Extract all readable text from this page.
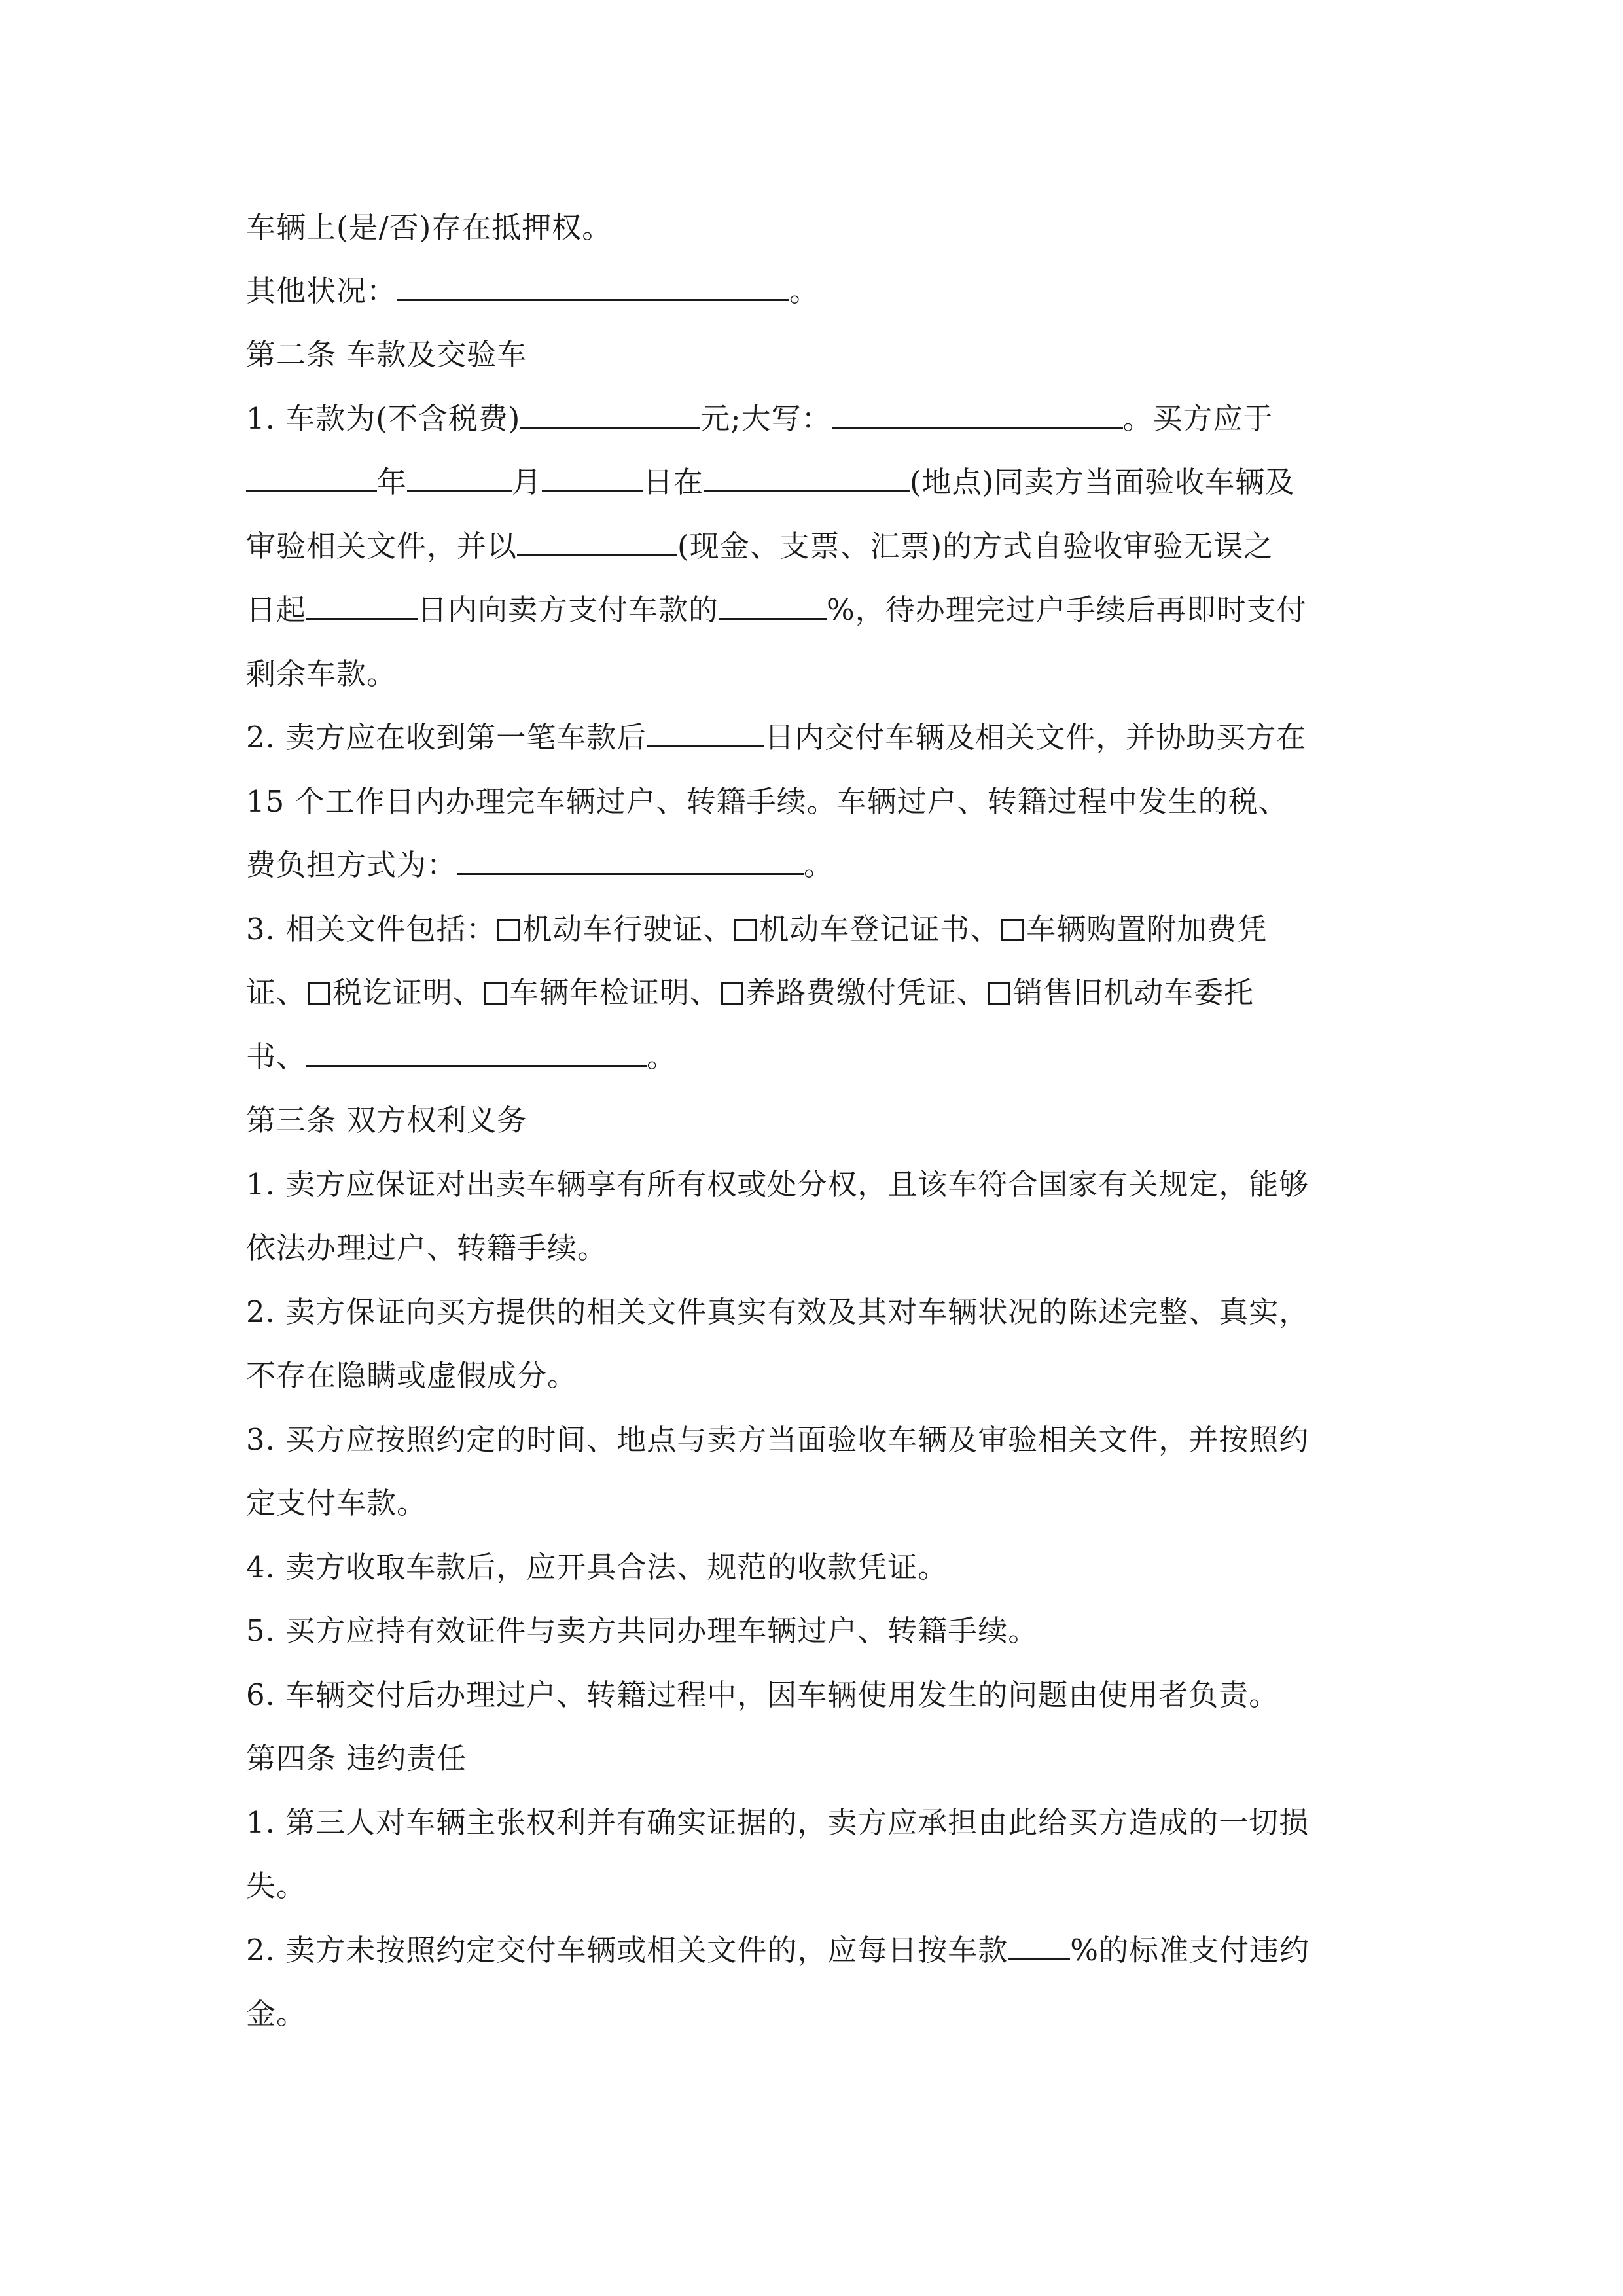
车辆上(是/否)存在抵押权。
其他状况：	。
第二条 车款及交验车
1. 车款为(不含税费)	元;大写：	。买方应于
年	月	日在	(地点)同卖方当面验收车辆及
审验相关文件，并以	(现金、支票、汇票)的方式自验收审验无误之
日起	日内向卖方支付车款的	%，待办理完过户手续后再即时支付
剩余车款。
2. 卖方应在收到第一笔车款后	日内交付车辆及相关文件，并协助买方在
15 个工作日内办理完车辆过户、转籍手续。车辆过户、转籍过程中发生的税、
费负担方式为：	。
3. 相关文件包括： 机动车行驶证、 机动车登记证书、 车辆购置附加费凭
证、 税讫证明、 车辆年检证明、 养路费缴付凭证、 销售旧机动车委托
书、	。
第三条 双方权利义务
1. 卖方应保证对出卖车辆享有所有权或处分权，且该车符合国家有关规定，能够
依法办理过户、转籍手续。
2. 卖方保证向买方提供的相关文件真实有效及其对车辆状况的陈述完整、真实，
不存在隐瞒或虚假成分。
3. 买方应按照约定的时间、地点与卖方当面验收车辆及审验相关文件，并按照约
定支付车款。
4. 卖方收取车款后，应开具合法、规范的收款凭证。
5. 买方应持有效证件与卖方共同办理车辆过户、转籍手续。
6. 车辆交付后办理过户、转籍过程中，因车辆使用发生的问题由使用者负责。
第四条 违约责任
1. 第三人对车辆主张权利并有确实证据的，卖方应承担由此给买方造成的一切损
失。
2. 卖方未按照约定交付车辆或相关文件的，应每日按车款 %的标准支付违约
金。
